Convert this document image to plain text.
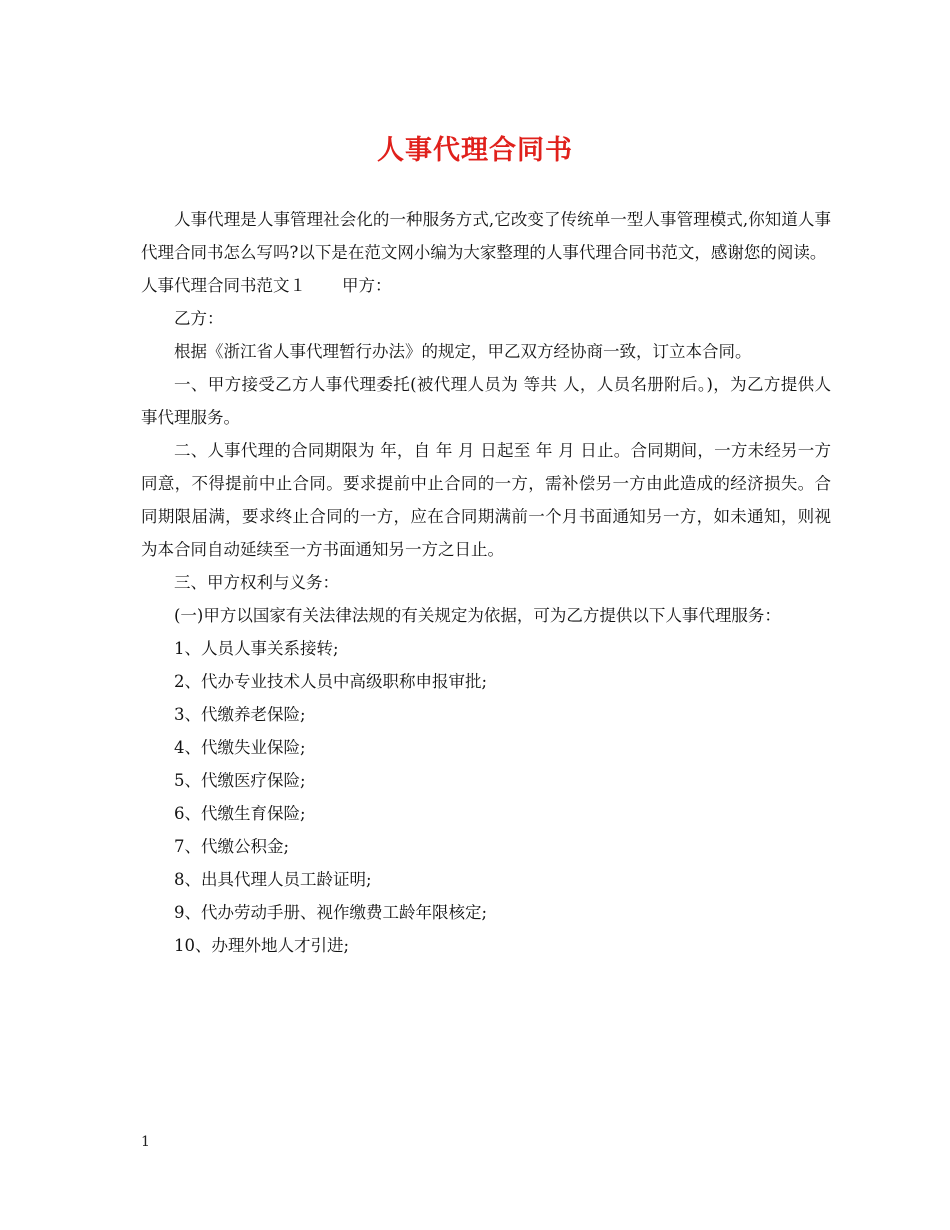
人事代理合同书

人事代理是人事管理社会化的一种服务方式,它改变了传统单一型人事管理模式,你知道人事代理合同书怎么写吗?以下是在范文网小编为大家整理的人事代理合同书范文，感谢您的阅读。

人事代理合同书范文１ 甲方：

乙方：

根据《浙江省人事代理暂行办法》的规定，甲乙双方经协商一致，订立本合同。

一、甲方接受乙方人事代理委托(被代理人员为 等共 人，人员名册附后。)，为乙方提供人事代理服务。

二、人事代理的合同期限为 年，自 年 月 日起至 年 月 日止。合同期间，一方未经另一方同意，不得提前中止合同。要求提前中止合同的一方，需补偿另一方由此造成的经济损失。合同期限届满，要求终止合同的一方，应在合同期满前一个月书面通知另一方，如未通知，则视为本合同自动延续至一方书面通知另一方之日止。

三、甲方权利与义务：

(一)甲方以国家有关法律法规的有关规定为依据，可为乙方提供以下人事代理服务：

1、人员人事关系接转;

2、代办专业技术人员中高级职称申报审批;

3、代缴养老保险;

4、代缴失业保险;

5、代缴医疗保险;

6、代缴生育保险;

7、代缴公积金;

8、出具代理人员工龄证明;

9、代办劳动手册、视作缴费工龄年限核定;

10、办理外地人才引进;

1
